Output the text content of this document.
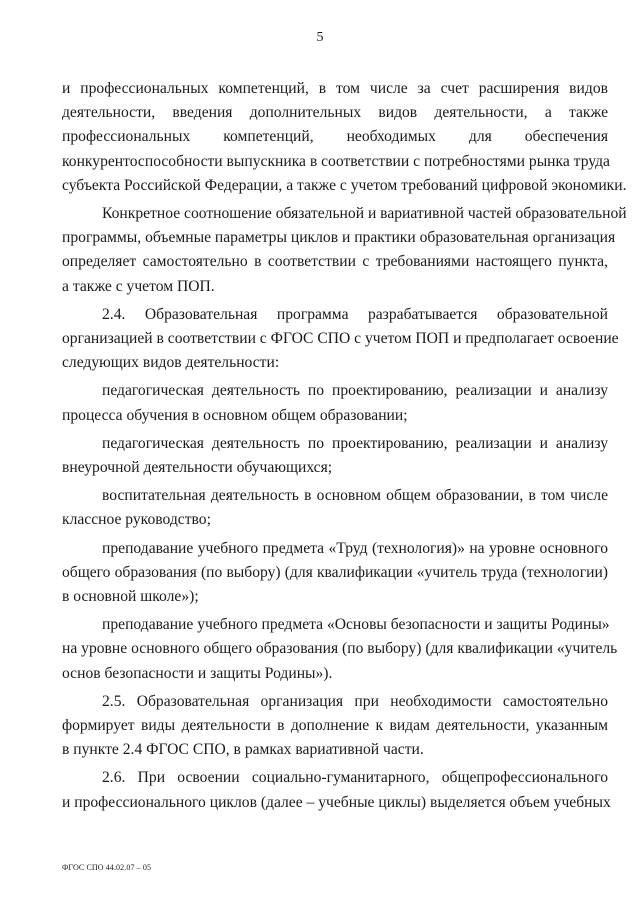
5
и профессиональных компетенций, в том числе за счет расширения видов
деятельности, введения дополнительных видов деятельности, а также
профессиональных компетенций, необходимых для обеспечения
конкурентоспособности выпускника в соответствии с потребностями рынка труда
субъекта Российской Федерации, а также с учетом требований цифровой экономики.
Конкретное соотношение обязательной и вариативной частей образовательной
программы, объемные параметры циклов и практики образовательная организация
определяет самостоятельно в соответствии с требованиями настоящего пункта,
а также с учетом ПОП.
2.4. Образовательная программа разрабатывается образовательной
организацией в соответствии с ФГОС СПО с учетом ПОП и предполагает освоение
следующих видов деятельности:
педагогическая деятельность по проектированию, реализации и анализу
процесса обучения в основном общем образовании;
педагогическая деятельность по проектированию, реализации и анализу
внеурочной деятельности обучающихся;
воспитательная деятельность в основном общем образовании, в том числе
классное руководство;
преподавание учебного предмета «Труд (технология)» на уровне основного
общего образования (по выбору) (для квалификации «учитель труда (технологии)
в основной школе»);
преподавание учебного предмета «Основы безопасности и защиты Родины»
на уровне основного общего образования (по выбору) (для квалификации «учитель
основ безопасности и защиты Родины»).
2.5. Образовательная организация при необходимости самостоятельно
формирует виды деятельности в дополнение к видам деятельности, указанным
в пункте 2.4 ФГОС СПО, в рамках вариативной части.
2.6. При освоении социально-гуманитарного, общепрофессионального
и профессионального циклов (далее – учебные циклы) выделяется объем учебных
ФГОС СПО 44.02.07 – 05
